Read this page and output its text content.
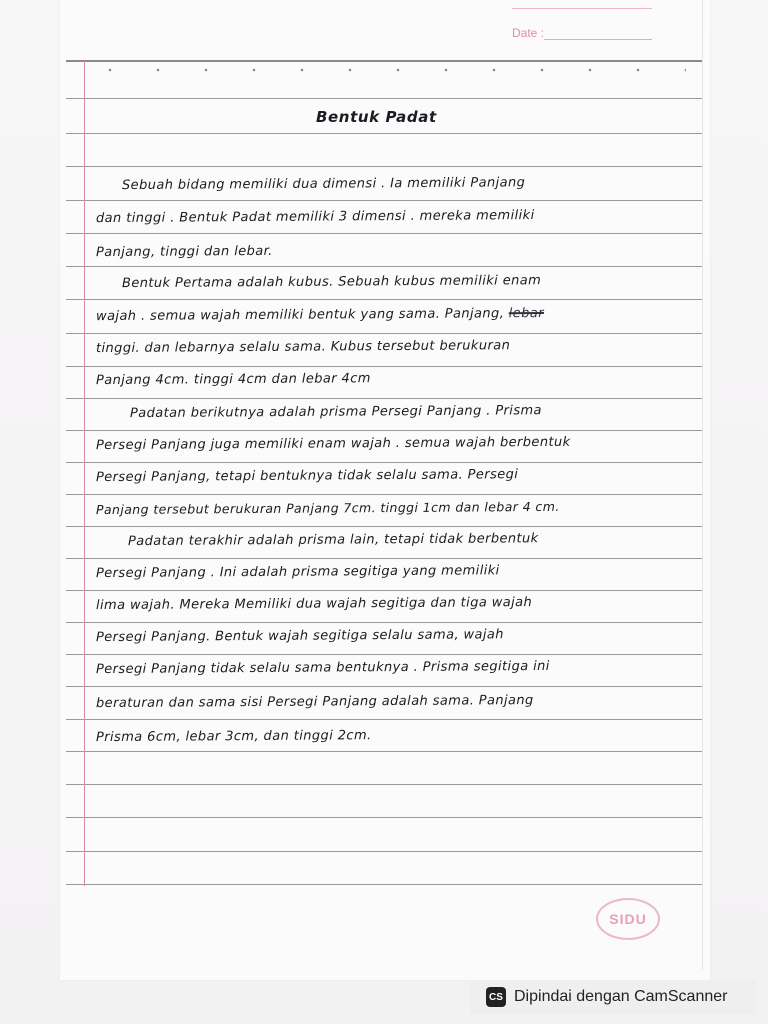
Date :
Bentuk Padat
Sebuah bidang memiliki dua dimensi . Ia memiliki Panjang
dan tinggi . Bentuk Padat memiliki 3 dimensi . mereka memiliki
Panjang, tinggi dan lebar.
Bentuk Pertama adalah kubus. Sebuah kubus memiliki enam
wajah . semua wajah memiliki bentuk yang sama. Panjang, lebar
tinggi. dan lebarnya selalu sama. Kubus tersebut berukuran
Panjang 4cm. tinggi 4cm dan lebar 4cm
Padatan berikutnya adalah prisma Persegi Panjang . Prisma
Persegi Panjang juga memiliki enam wajah . semua wajah berbentuk
Persegi Panjang, tetapi bentuknya tidak selalu sama. Persegi
Panjang tersebut berukuran Panjang 7cm. tinggi 1cm dan lebar 4 cm.
Padatan terakhir adalah prisma lain, tetapi tidak berbentuk
Persegi Panjang . Ini adalah prisma segitiga yang memiliki
lima wajah. Mereka Memiliki dua wajah segitiga dan tiga wajah
Persegi Panjang. Bentuk wajah segitiga selalu sama, wajah
Persegi Panjang tidak selalu sama bentuknya . Prisma segitiga ini
beraturan dan sama sisi Persegi Panjang adalah sama. Panjang
Prisma 6cm, lebar 3cm, dan tinggi 2cm.
SIDU
CS Dipindai dengan CamScanner
